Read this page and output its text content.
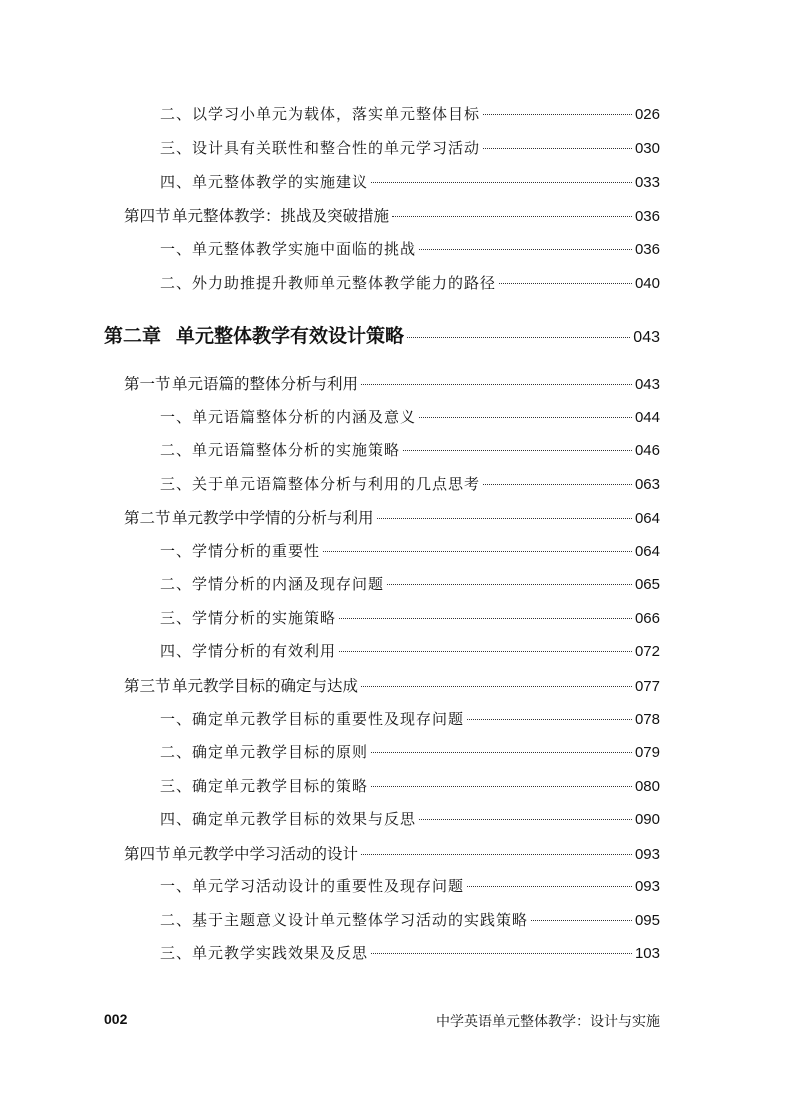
二、以学习小单元为载体，落实单元整体目标	026
三、设计具有关联性和整合性的单元学习活动	030
四、单元整体教学的实施建议	033
第四节单元整体教学：挑战及突破措施	036
一、单元整体教学实施中面临的挑战	036
二、外力助推提升教师单元整体教学能力的路径	040
第二章 单元整体教学有效设计策略	043
第一节单元语篇的整体分析与利用	043
一、单元语篇整体分析的内涵及意义	044
二、单元语篇整体分析的实施策略	046
三、关于单元语篇整体分析与利用的几点思考	063
第二节单元教学中学情的分析与利用	064
一、学情分析的重要性	064
二、学情分析的内涵及现存问题	065
三、学情分析的实施策略	066
四、学情分析的有效利用	072
第三节单元教学目标的确定与达成	077
一、确定单元教学目标的重要性及现存问题	078
二、确定单元教学目标的原则	079
三、确定单元教学目标的策略	080
四、确定单元教学目标的效果与反思	090
第四节单元教学中学习活动的设计	093
一、单元学习活动设计的重要性及现存问题	093
二、基于主题意义设计单元整体学习活动的实践策略	095
三、单元教学实践效果及反思	103
002	中学英语单元整体教学：设计与实施
